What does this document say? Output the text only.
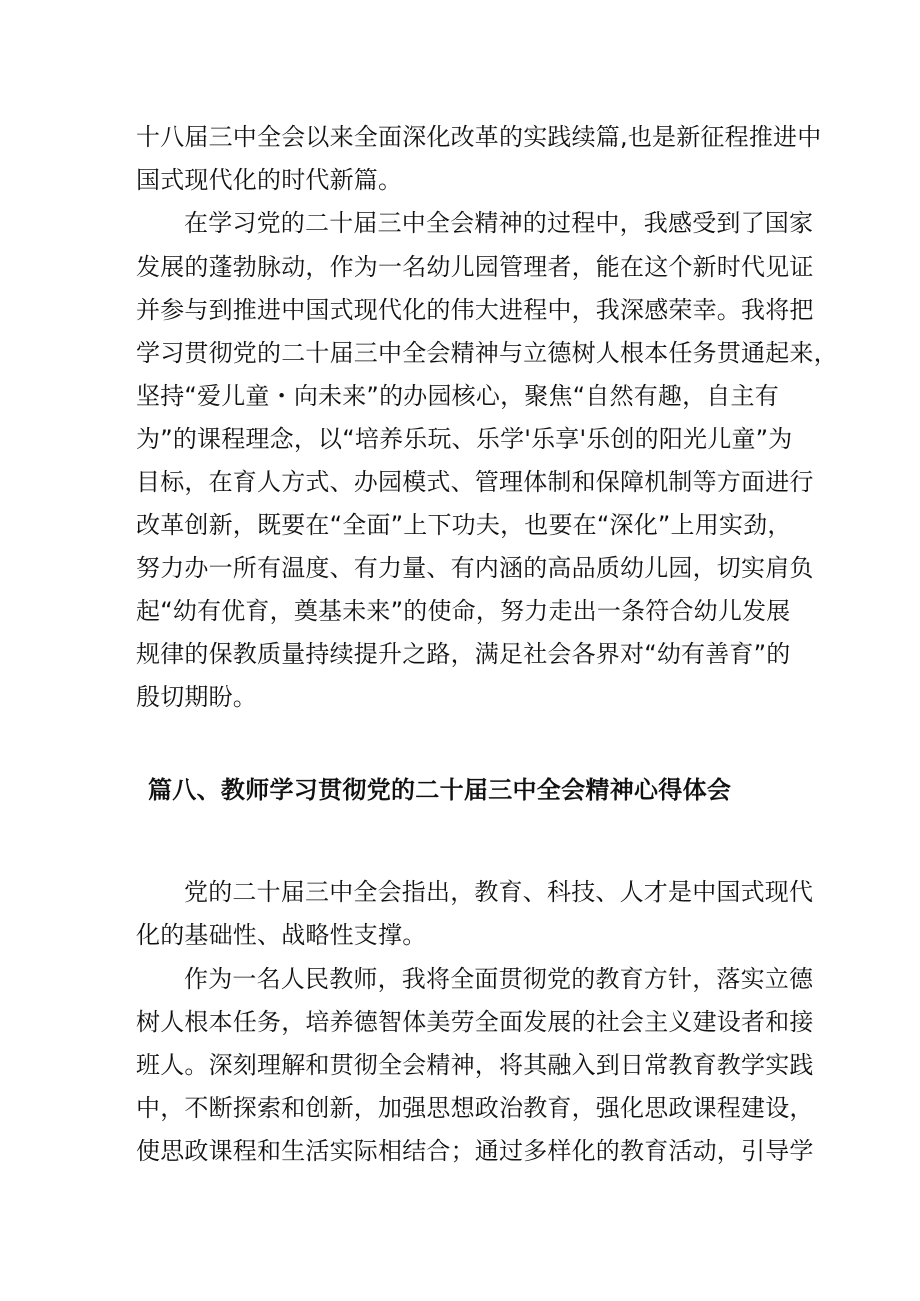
十八届三中全会以来全面深化改革的实践续篇,也是新征程推进中
国式现代化的时代新篇。
在学习党的二十届三中全会精神的过程中，我感受到了国家
发展的蓬勃脉动，作为一名幼儿园管理者，能在这个新时代见证
并参与到推进中国式现代化的伟大进程中，我深感荣幸。我将把
学习贯彻党的二十届三中全会精神与立德树人根本任务贯通起来，
坚持“爱儿童・向未来”的办园核心，聚焦“自然有趣，自主有
为”的课程理念，以“培养乐玩、乐学'乐享'乐创的阳光儿童”为
目标，在育人方式、办园模式、管理体制和保障机制等方面进行
改革创新，既要在“全面”上下功夫，也要在“深化”上用实劲，
努力办一所有温度、有力量、有内涵的高品质幼儿园，切实肩负
起“幼有优育，奠基未来”的使命，努力走出一条符合幼儿发展
规律的保教质量持续提升之路，满足社会各界对“幼有善育”的
殷切期盼。
篇八、教师学习贯彻党的二十届三中全会精神心得体会
党的二十届三中全会指出，教育、科技、人才是中国式现代
化的基础性、战略性支撑。
作为一名人民教师，我将全面贯彻党的教育方针，落实立德
树人根本任务，培养德智体美劳全面发展的社会主义建设者和接
班人。深刻理解和贯彻全会精神，将其融入到日常教育教学实践
中，不断探索和创新，加强思想政治教育，强化思政课程建设，
使思政课程和生活实际相结合；通过多样化的教育活动，引导学
